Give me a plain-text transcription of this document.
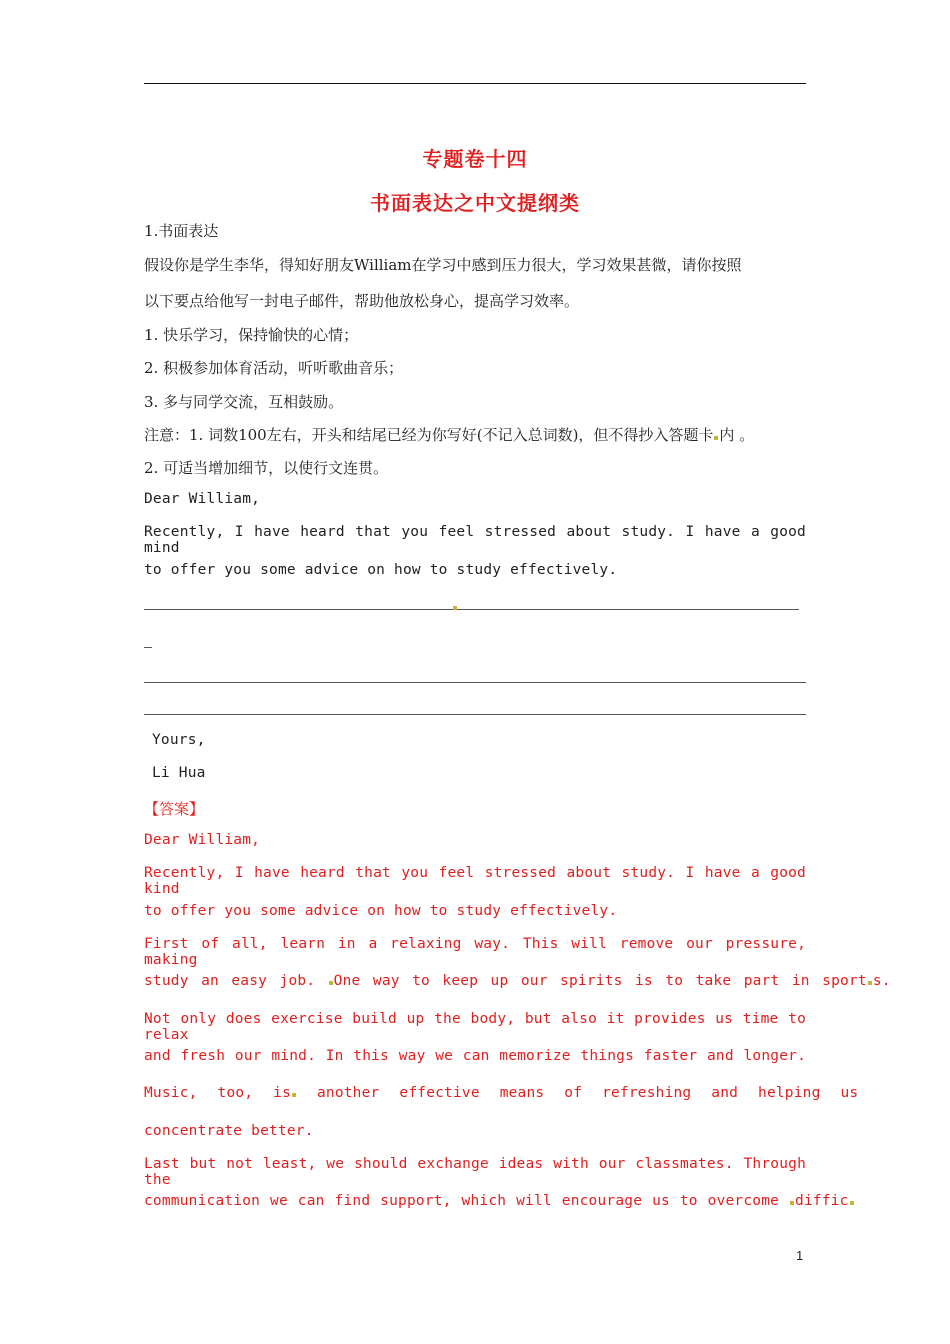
专题卷十四
书面表达之中文提纲类
1.书面表达
假设你是学生李华，得知好朋友William在学习中感到压力很大，学习效果甚微，请你按照
以下要点给他写一封电子邮件，帮助他放松身心，提高学习效率。
1. 快乐学习，保持愉快的心情；
2. 积极参加体育活动，听听歌曲音乐；
3. 多与同学交流，互相鼓励。
注意：1. 词数100左右，开头和结尾已经为你写好(不记入总词数)，但不得抄入答题卡 内 。
2. 可适当增加细节，以使行文连贯。
Dear William,
Recently, I have heard that you feel stressed about study. I have a good mind
to offer you some advice on how to study effectively.
Yours,
Li Hua
【答案】
Dear William,
Recently, I have heard that you feel stressed about study. I have a good kind
to offer you some advice on how to study effectively.
First of all, learn in a relaxing way. This will remove our pressure, making
study an easy job. One way to keep up our spirits is to take part in sport s.
Not only does exercise build up the body, but also it provides us time to relax
and fresh our mind. In this way we can memorize things faster and longer.
Music, too, is another effective means of refreshing and helping us
concentrate better.
Last but not least, we should exchange ideas with our classmates. Through the
communication we can find support, which will encourage us to overcome diffic
1
